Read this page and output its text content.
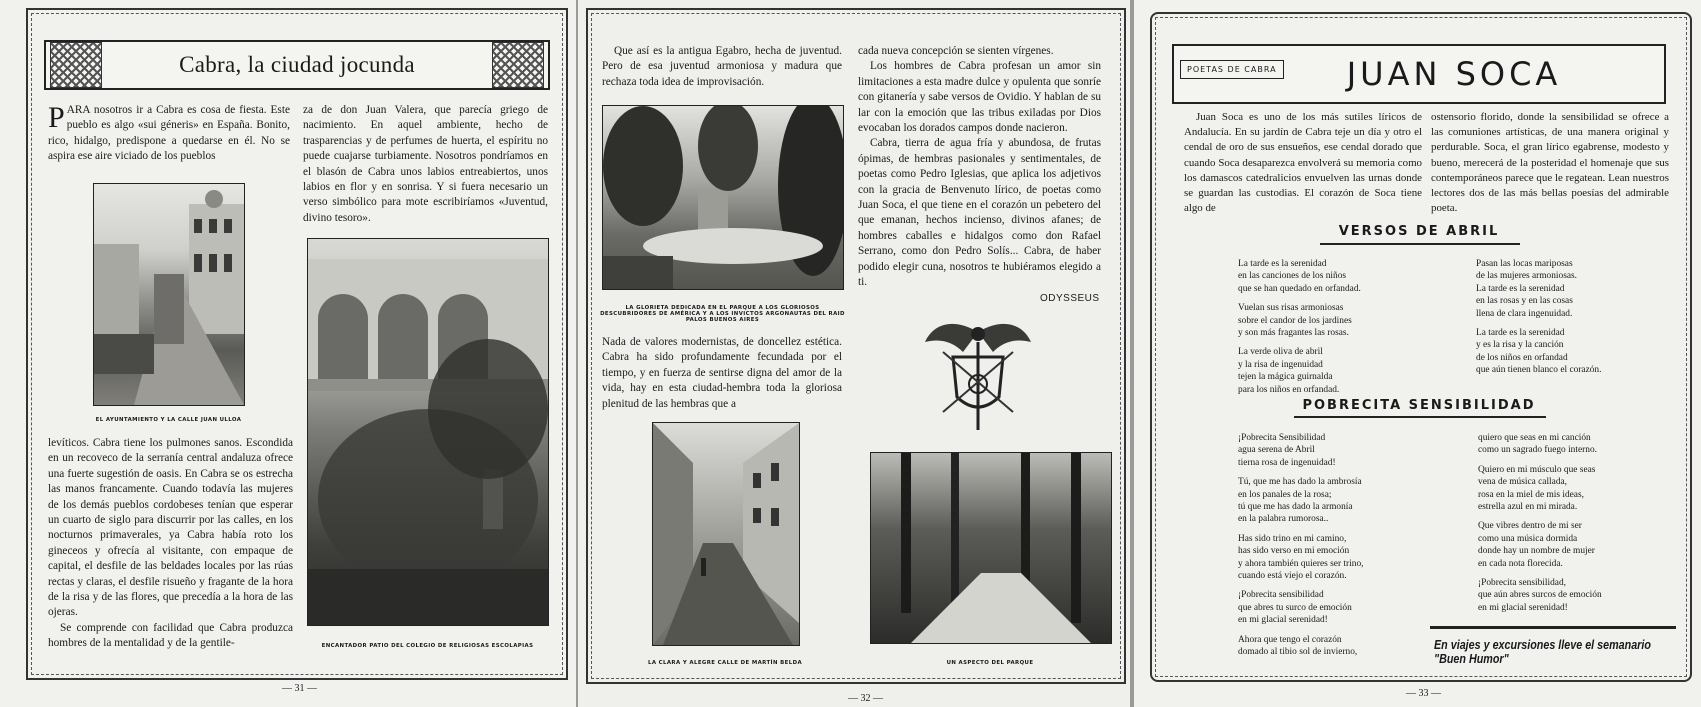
Cabra, la ciudad jocunda
PARA nosotros ir a Cabra es cosa de fiesta. Este pueblo es algo «sui géneris» en España. Bonito, rico, hidalgo, predispone a quedarse en él. No se aspira ese aire viciado de los pueblos
za de don Juan Valera, que parecía griego de nacimiento. En aquel ambiente, hecho de trasparencias y de perfumes de huerta, el espíritu no puede cuajarse turbiamente. Nosotros pondríamos en el blasón de Cabra unos labios entreabiertos, unos labios en flor y en sonrisa. Y si fuera necesario un verso simbólico para mote escribiríamos «Juventud, divino tesoro».
EL AYUNTAMIENTO Y LA CALLE JUAN ULLOA
ENCANTADOR PATIO DEL COLEGIO DE RELIGIOSAS ESCOLAPIAS
levíticos. Cabra tiene los pulmones sanos. Escondida en un recoveco de la serranía central andaluza ofrece una fuerte sugestión de oasis. En Cabra se os estrecha las manos francamente. Cuando todavía las mujeres de los demás pueblos cordobeses tenían que esperar un cuarto de siglo para discurrir por las calles, en los nocturnos primaverales, ya Cabra había roto los gineceos y ofrecía al visitante, con empaque de capital, el desfile de las beldades locales por las rúas rectas y claras, el desfile risueño y fragante de la hora de la risa y de las flores, que precedía a la hora de las ojeras.

Se comprende con facilidad que Cabra produzca hombres de la mentalidad y de la gentile-

— 31 —

Que así es la antigua Egabro, hecha de juventud. Pero de esa juventud armoniosa y madura que rechaza toda idea de improvisación.

LA GLORIETA DEDICADA EN EL PARQUE A LOS GLORIOSOS DESCUBRIDORES DE AMÉRICA Y A LOS INVICTOS ARGONAUTAS DEL RAID PALOS BUENOS AIRES
Nada de valores modernistas, de doncellez estética. Cabra ha sido profundamente fecundada por el tiempo, y en fuerza de sentirse digna del amor de la vida, hay en esta ciudad-hembra toda la gloriosa plenitud de las hembras que a
cada nueva concepción se sienten vírgenes.

Los hombres de Cabra profesan un amor sin limitaciones a esta madre dulce y opulenta que sonríe con gitanería y sabe versos de Ovidio. Y hablan de su lar con la emoción que las tribus exiladas por Dios evocaban los dorados campos donde nacieron.

Cabra, tierra de agua fría y abundosa, de frutas ópimas, de hembras pasionales y sentimentales, de poetas como Pedro Iglesias, que aplica los adjetivos con la gracia de Benvenuto lírico, de poetas como Juan Soca, el que tiene en el corazón un pebetero del que emanan, hechos incienso, divinos afanes; de hombres caballes e hidalgos como don Rafael Serrano, como don Pedro Solís... Cabra, de haber podido elegir cuna, nosotros te hubiéramos elegido a ti.

ODYSSEUS
LA CLARA Y ALEGRE CALLE DE MARTÍN BELDA	UN ASPECTO DEL PARQUE
— 32 —
POETAS DE CABRA JUAN SOCA

Juan Soca es uno de los más sutiles líricos de Andalucía. En su jardín de Cabra teje un día y otro el cendal de oro de sus ensueños, ese cendal dorado que cuando Soca desaparezca envolverá su memoria como los damascos catedralicios envuelven las urnas donde se guardan las custodias. El corazón de Soca tiene algo de

ostensorio florido, donde la sensibilidad se ofrece a las comuniones artísticas, de una manera original y perdurable. Soca, el gran lírico egabrense, modesto y bueno, merecerá de la posteridad el homenaje que sus contemporáneos parece que le regatean. Lean nuestros lectores dos de las más bellas poesías del admirable poeta.
VERSOS DE ABRIL
La tarde es la serenidad
en las canciones de los niños
que se han quedado en orfandad.
Vuelan sus risas armoniosas
sobre el candor de los jardines
y son más fragantes las rosas.
La verde oliva de abril
y la risa de ingenuidad
tejen la mágica guirnalda
para los niños en orfandad.
Pasan las locas mariposas
de las mujeres armoniosas.
La tarde es la serenidad
en las rosas y en las cosas
llena de clara ingenuidad.
La tarde es la serenidad
y es la risa y la canción
de los niños en orfandad
que aún tienen blanco el corazón.
POBRECITA SENSIBILIDAD
¡Pobrecita Sensibilidad
agua serena de Abril
tierna rosa de ingenuidad!
Tú, que me has dado la ambrosía
en los panales de la rosa;
tú que me has dado la armonía
en la palabra rumorosa..
Has sido trino en mi camino,
has sido verso en mi emoción
y ahora también quieres ser trino,
cuando está viejo el corazón.
¡Pobrecita sensibilidad
que abres tu surco de emoción
en mi glacial serenidad!
Ahora que tengo el corazón
domado al tibio sol de invierno,
quiero que seas en mi canción
como un sagrado fuego interno.
Quiero en mi músculo que seas
vena de música callada,
rosa en la miel de mis ideas,
estrella azul en mi mirada.
Que vibres dentro de mi ser
como una música dormida
donde hay un nombre de mujer
en cada nota florecida.
¡Pobrecita sensibilidad,
que aún abres surcos de emoción
en mi glacial serenidad!
En viajes y excursiones lleve el semanario "Buen Humor"
— 33 —
